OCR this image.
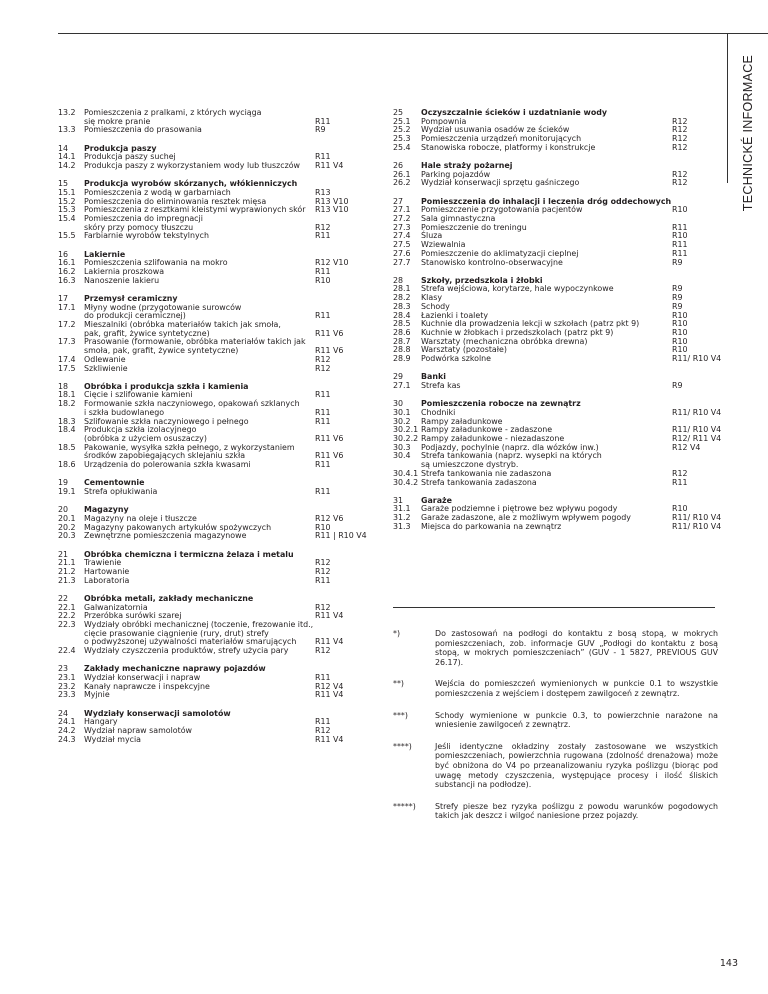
TECHNICKÉ INFORMACE
13.2	Pomieszczenia z pralkami, z których wyciąga
się mokre pranie	R11
13.3	Pomieszczenia do prasowania	R9
14	Produkcja paszy
14.1	Produkcja paszy suchej	R11
14.2	Produkcja paszy z wykorzystaniem wody lub tłuszczów	R11 V4
15	Produkcja wyrobów skórzanych, włókienniczych
15.1	Pomieszczenia z wodą w garbarniach	R13
15.2	Pomieszczenia do eliminowania resztek mięsa	R13 V10
15.3	Pomieszczenia z resztkami kleistymi wyprawionych skór	R13 V10
15.4	Pomieszczenia do impregnacji
skóry przy pomocy tłuszczu	R12
15.5	Farbiarnie wyrobów tekstylnych	R11
16	Lakiernie
16.1	Pomieszczenia szlifowania na mokro	R12 V10
16.2	Lakiernia proszkowa	R11
16.3	Nanoszenie lakieru	R10
17	Przemysł ceramiczny
17.1	Młyny wodne (przygotowanie surowców
do produkcji ceramicznej)	R11
17.2	Mieszalniki (obróbka materiałów takich jak smoła,
pak, grafit, żywice syntetyczne)	R11 V6
17.3	Prasowanie (formowanie, obróbka materiałów takich jak
smoła, pak, grafit, żywice syntetyczne)	R11 V6
17.4	Odlewanie	R12
17.5	Szkliwienie	R12
18	Obróbka i produkcja szkła i kamienia
18.1	Cięcie i szlifowanie kamieni	R11
18.2	Formowanie szkła naczyniowego, opakowań szklanych
i szkła budowlanego	R11
18.3	Szlifowanie szkła naczyniowego i pełnego	R11
18.4	Produkcja szkła izolacyjnego
(obróbka z użyciem osuszaczy)	R11 V6
18.5	Pakowanie, wysyłka szkła pełnego, z wykorzystaniem
środków zapobiegających sklejaniu szkła	R11 V6
18.6	Urządzenia do polerowania szkła kwasami	R11
19	Cementownie
19.1	Strefa opłukiwania	R11
20	Magazyny
20.1	Magazyny na oleje i tłuszcze	R12 V6
20.2	Magazyny pakowanych artykułów spożywczych	R10
20.3	Zewnętrzne pomieszczenia magazynowe	R11 | R10 V4
21	Obróbka chemiczna i termiczna żelaza i metalu
21.1	Trawienie	R12
21.2	Hartowanie	R12
21.3	Laboratoria	R11
22	Obróbka metali, zakłady mechaniczne
22.1	Galwanizatornia	R12
22.2	Przeróbka surówki szarej	R11 V4
22.3	Wydziały obróbki mechanicznej (toczenie, frezowanie itd.,
cięcie prasowanie ciągnienie (rury, drut) strefy
o podwyższonej używalności materiałów smarujących	R11 V4
22.4	Wydziały czyszczenia produktów, strefy użycia pary	R12
23	Zakłady mechaniczne naprawy pojazdów
23.1	Wydział konserwacji i napraw	R11
23.2	Kanały naprawcze i inspekcyjne	R12 V4
23.3	Myjnie	R11 V4
24	Wydziały konserwacji samolotów
24.1	Hangary	R11
24.2	Wydział napraw samolotów	R12
24.3	Wydział mycia	R11 V4
25	Oczyszczalnie ścieków i uzdatnianie wody
25.1	Pompownia	R12
25.2	Wydział usuwania osadów ze ścieków	R12
25.3	Pomieszczenia urządzeń monitorujących	R12
25.4	Stanowiska robocze, platformy i konstrukcje	R12
26	Hale straży pożarnej
26.1	Parking pojazdów	R12
26.2	Wydział konserwacji sprzętu gaśniczego	R12
27	Pomieszczenia do inhalacji i leczenia dróg oddechowych
27.1	Pomieszczenie przygotowania pacjentów	R10
27.2	Sala gimnastyczna
27.3	Pomieszczenie do treningu	R11
27.4	Śluza	R10
27.5	Wziewalnia	R11
27.6	Pomieszczenie do aklimatyzacji cieplnej	R11
27.7	Stanowisko kontrolno-obserwacyjne	R9
28	Szkoły, przedszkola i żłobki
28.1	Strefa wejściowa, korytarze, hale wypoczynkowe	R9
28.2	Klasy	R9
28.3	Schody	R9
28.4	Łazienki i toalety	R10
28.5	Kuchnie dla prowadzenia lekcji w szkołach (patrz pkt 9)	R10
28.6	Kuchnie w żłobkach i przedszkolach (patrz pkt 9)	R10
28.7	Warsztaty (mechaniczna obróbka drewna)	R10
28.8	Warsztaty (pozostałe)	R10
28.9	Podwórka szkolne	R11/ R10 V4
29	Banki
27.1	Strefa kas	R9
30	Pomieszczenia robocze na zewnątrz
30.1	Chodniki	R11/ R10 V4
30.2	Rampy załadunkowe
30.2.1 Rampy załadunkowe - zadaszone	R11/ R10 V4
30.2.2 Rampy załadunkowe - niezadaszone	R12/ R11 V4
30.3	Podjazdy, pochylnie (naprz. dla wózków inw.)	R12 V4
30.4	Strefa tankowania (naprz. wysepki na których
są umieszczone dystryb.
30.4.1 Strefa tankowania nie zadaszona	R12
30.4.2 Strefa tankowania zadaszona	R11
31	Garaże
31.1	Garaże podziemne i piętrowe bez wpływu pogody	R10
31.2	Garaże zadaszone, ale z możliwym wpływem pogody	R11/ R10 V4
31.3	Miejsca do parkowania na zewnątrz	R11/ R10 V4
*)	Do zastosowań na podłogi do kontaktu z bosą stopą, w mokrych pomieszczeniach, zob. informacje GUV „Podłogi do kontaktu z bosą stopą, w mokrych pomieszczeniach” (GUV - 1 5827, PREVIOUS GUV 26.17).
**)	Wejścia do pomieszczeń wymienionych w punkcie 0.1 to wszystkie pomieszczenia z wejściem i dostępem zawilgoceń z zewnątrz.
***)	Schody wymienione w punkcie 0.3, to powierzchnie narażone na wniesienie zawilgoceń z zewnątrz.
****)	Jeśli identyczne okładziny zostały zastosowane we wszystkich pomieszczeniach, powierzchnia rugowana (zdolność drenażowa) może być obniżona do V4 po przeanalizowaniu ryzyka poślizgu (biorąc pod uwagę metody czyszczenia, występujące procesy i ilość śliskich substancji na podłodze).
*****)	Strefy piesze bez ryzyka poślizgu z powodu warunków pogodowych takich jak deszcz i wilgoć naniesione przez pojazdy.
143
